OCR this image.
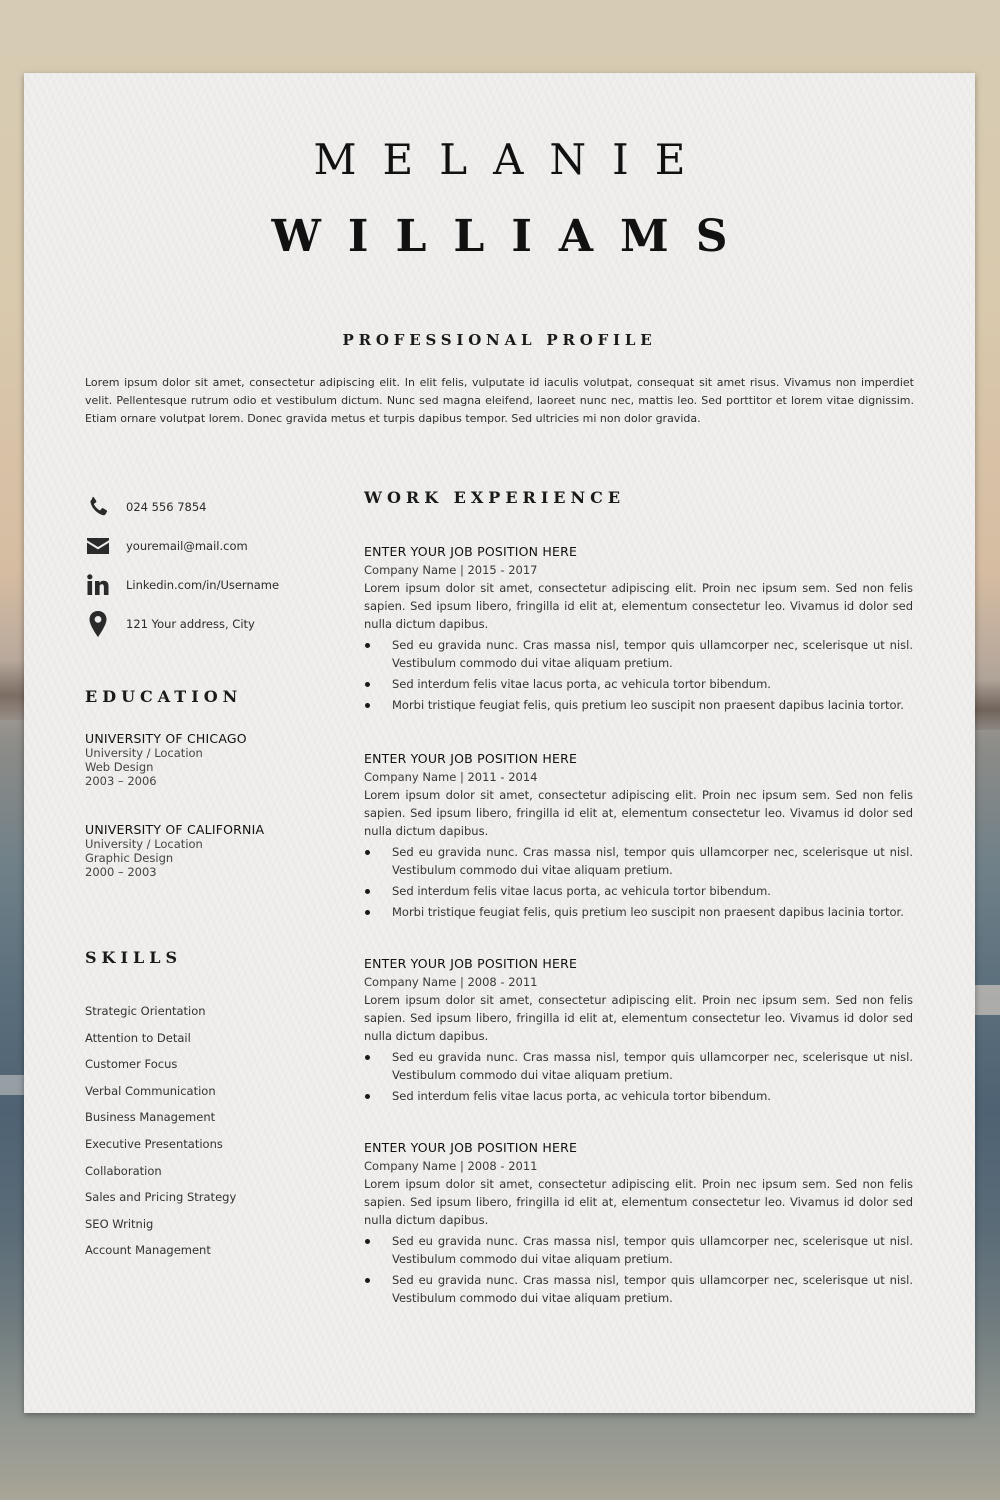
MELANIE
WILLIAMS
PROFESSIONAL PROFILE

Lorem ipsum dolor sit amet, consectetur adipiscing elit. In elit felis, vulputate id iaculis volutpat, consequat sit amet risus. Vivamus non imperdiet velit. Pellentesque rutrum odio et vestibulum dictum. Nunc sed magna eleifend, laoreet nunc nec, mattis leo. Sed porttitor et lorem vitae dignissim. Etiam ornare volutpat lorem. Donec gravida metus et turpis dapibus tempor. Sed ultricies mi non dolor gravida.

024 556 7854
youremail@mail.com
Linkedin.com/in/Username
121 Your address, City
EDUCATION
UNIVERSITY OF CHICAGO
University / Location
Web Design
2003 – 2006
UNIVERSITY OF CALIFORNIA
University / Location
Graphic Design
2000 – 2003
SKILLS
Strategic Orientation
Attention to Detail
Customer Focus
Verbal Communication
Business Management
Executive Presentations
Collaboration
Sales and Pricing Strategy
SEO Writnig
Account Management
WORK EXPERIENCE
ENTER YOUR JOB POSITION HERE
Company Name | 2015 - 2017

Lorem ipsum dolor sit amet, consectetur adipiscing elit. Proin nec ipsum sem. Sed non felis sapien. Sed ipsum libero, fringilla id elit at, elementum consectetur leo. Vivamus id dolor sed nulla dictum dapibus.

Sed eu gravida nunc. Cras massa nisl, tempor quis ullamcorper nec, scelerisque ut nisl. Vestibulum commodo dui vitae aliquam pretium.
Sed interdum felis vitae lacus porta, ac vehicula tortor bibendum.
Morbi tristique feugiat felis, quis pretium leo suscipit non praesent dapibus lacinia tortor.
ENTER YOUR JOB POSITION HERE
Company Name | 2011 - 2014

Lorem ipsum dolor sit amet, consectetur adipiscing elit. Proin nec ipsum sem. Sed non felis sapien. Sed ipsum libero, fringilla id elit at, elementum consectetur leo. Vivamus id dolor sed nulla dictum dapibus.

Sed eu gravida nunc. Cras massa nisl, tempor quis ullamcorper nec, scelerisque ut nisl. Vestibulum commodo dui vitae aliquam pretium.
Sed interdum felis vitae lacus porta, ac vehicula tortor bibendum.
Morbi tristique feugiat felis, quis pretium leo suscipit non praesent dapibus lacinia tortor.
ENTER YOUR JOB POSITION HERE
Company Name | 2008 - 2011

Lorem ipsum dolor sit amet, consectetur adipiscing elit. Proin nec ipsum sem. Sed non felis sapien. Sed ipsum libero, fringilla id elit at, elementum consectetur leo. Vivamus id dolor sed nulla dictum dapibus.

Sed eu gravida nunc. Cras massa nisl, tempor quis ullamcorper nec, scelerisque ut nisl. Vestibulum commodo dui vitae aliquam pretium.
Sed interdum felis vitae lacus porta, ac vehicula tortor bibendum.
ENTER YOUR JOB POSITION HERE
Company Name | 2008 - 2011

Lorem ipsum dolor sit amet, consectetur adipiscing elit. Proin nec ipsum sem. Sed non felis sapien. Sed ipsum libero, fringilla id elit at, elementum consectetur leo. Vivamus id dolor sed nulla dictum dapibus.

Sed eu gravida nunc. Cras massa nisl, tempor quis ullamcorper nec, scelerisque ut nisl. Vestibulum commodo dui vitae aliquam pretium.
Sed eu gravida nunc. Cras massa nisl, tempor quis ullamcorper nec, scelerisque ut nisl. Vestibulum commodo dui vitae aliquam pretium.
